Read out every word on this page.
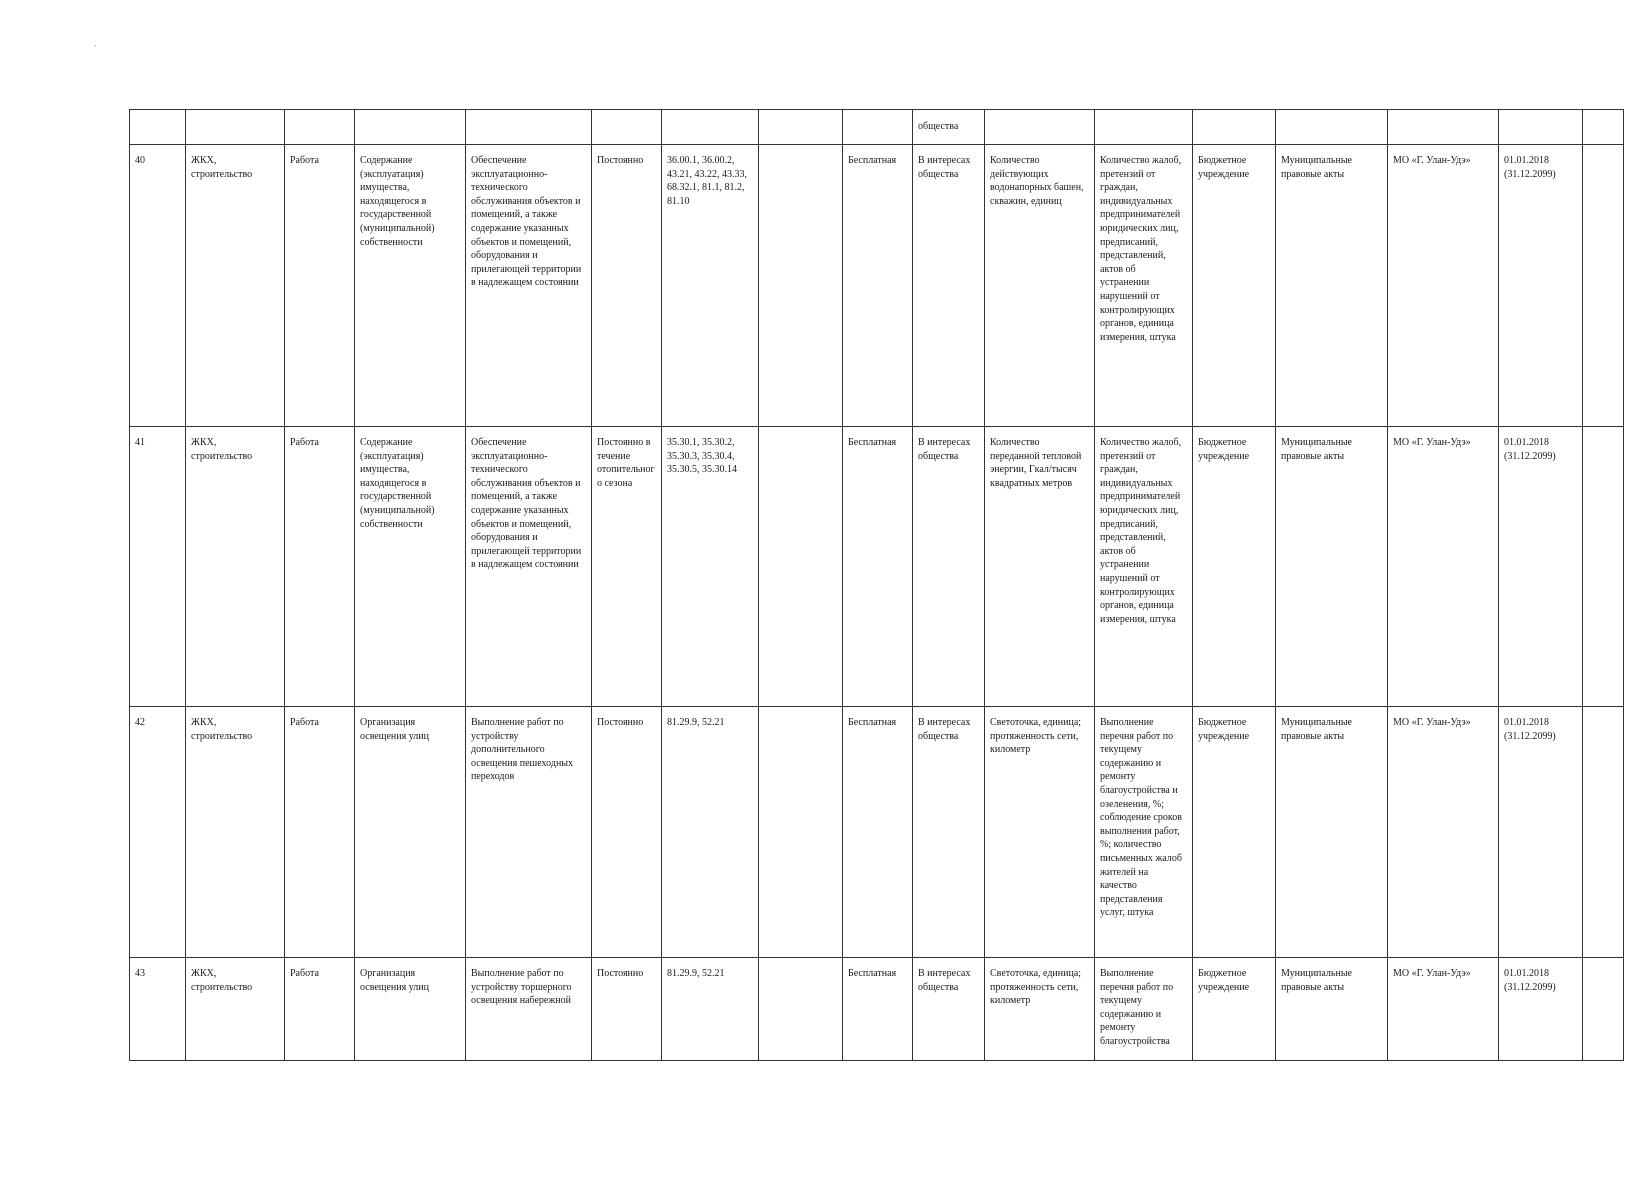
ʼ
									общества							
40	ЖКХ, строительство	Работа	Содержание (эксплуатация) имущества, находящегося в государственной (муниципальной) собственности	Обеспечение эксплуатационно-технического обслуживания объектов и помещений, а также содержание указанных объектов и помещений, оборудования и прилегающей территории в надлежащем состоянии	Постоянно	36.00.1, 36.00.2, 43.21, 43.22, 43.33, 68.32.1, 81.1, 81.2, 81.10		Бесплатная	В интересах общества	Количество действующих водонапорных башен, скважин, единиц	Количество жалоб, претензий от граждан, индивидуальных предпринимателей юридических лиц, предписаний, представлений, актов об устранении нарушений от контролирующих органов, единица измерения, штука	Бюджетное учреждение	Муниципальные правовые акты	МО «Г. Улан-Удэ»	01.01.2018 (31.12.2099)	
41	ЖКХ, строительство	Работа	Содержание (эксплуатация) имущества, находящегося в государственной (муниципальной) собственности	Обеспечение эксплуатационно-технического обслуживания объектов и помещений, а также содержание указанных объектов и помещений, оборудования и прилегающей территории в надлежащем состоянии	Постоянно в течение отопительного сезона	35.30.1, 35.30.2, 35.30.3, 35.30.4, 35.30.5, 35.30.14		Бесплатная	В интересах общества	Количество переданной тепловой энергии, Гкал/тысяч квадратных метров	Количество жалоб, претензий от граждан, индивидуальных предпринимателей юридических лиц, предписаний, представлений, актов об устранении нарушений от контролирующих органов, единица измерения, штука	Бюджетное учреждение	Муниципальные правовые акты	МО «Г. Улан-Удэ»	01.01.2018 (31.12.2099)	
42	ЖКХ, строительство	Работа	Организация освещения улиц	Выполнение работ по устройству дополнительного освещения пешеходных переходов	Постоянно	81.29.9, 52.21		Бесплатная	В интересах общества	Светоточка, единица; протяженность сети, километр	Выполнение перечня работ по текущему содержанию и ремонту благоустройства и озеленения, %; соблюдение сроков выполнения работ, %; количество письменных жалоб жителей на качество представления услуг, штука	Бюджетное учреждение	Муниципальные правовые акты	МО «Г. Улан-Удэ»	01.01.2018 (31.12.2099)	
43	ЖКХ, строительство	Работа	Организация освещения улиц	Выполнение работ по устройству торшерного освещения набережной	Постоянно	81.29.9, 52.21		Бесплатная	В интересах общества	Светоточка, единица; протяженность сети, километр	Выполнение перечня работ по текущему содержанию и ремонту благоустройства	Бюджетное учреждение	Муниципальные правовые акты	МО «Г. Улан-Удэ»	01.01.2018 (31.12.2099)	
